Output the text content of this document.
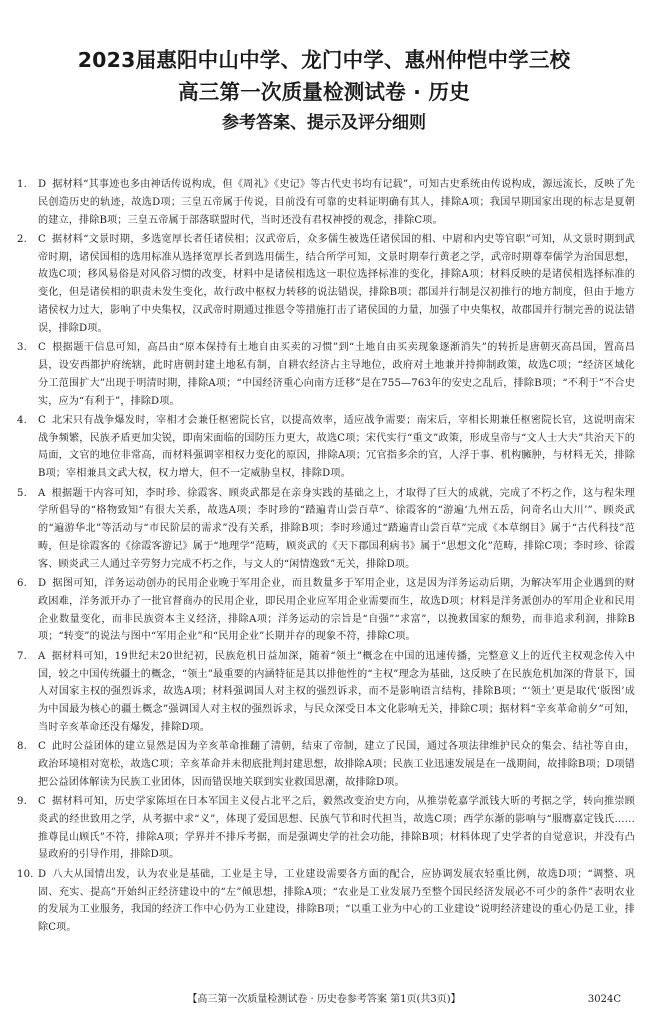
2023届惠阳中山中学、龙门中学、惠州仲恺中学三校

高三第一次质量检测试卷 · 历史

参考答案、提示及评分细则

1. D 据材料“其事迹也多由神话传说构成，但《周礼》《史记》等古代史书均有记载”，可知古史系统由传说构成，源远流长，反映了先民创造历史的轨迹，故选D项；三皇五帝属于传说，目前没有可靠的史料证明确有其人，排除A项；我国早期国家出现的标志是夏朝的建立，排除B项；三皇五帝属于部落联盟时代，当时还没有君权神授的观念，排除C项。

2. C 据材料“文景时期，多选宽厚长者任诸侯相；汉武帝后，众多儒生被选任诸侯国的相、中尉和内史等官职”可知，从文景时期到武帝时期，诸侯国相的选用标准从选择宽厚长者到选用儒生，结合所学可知，文景时期奉行黄老之学，武帝时期尊奉儒学为治国思想，故选C项；移风易俗是对风俗习惯的改变，材料中是诸侯相选这一职位选择标准的变化，排除A项；材料反映的是诸侯相选择标准的变化，但是诸侯相的职责未发生变化，故行政中枢权力转移的说法错误，排除B项；郡国并行制是汉初推行的地方制度，但由于地方诸侯权力过大，影响了中央集权，汉武帝时期通过推恩令等措施打击了诸侯国的力量，加强了中央集权，故郡国并行制完善的说法错误，排除D项。

3. C 根据题干信息可知，高昌由“原本保持有土地自由买卖的习惯”到“土地自由买卖现象逐渐消失”的转折是唐朝灭高昌国，置高昌县，设安西都护府统辖，此时唐朝封建土地私有制，自耕农经济占主导地位，政府对土地兼并持抑制政策，故选C项；“经济区域化分工范围扩大”出现于明清时期，排除A项；“中国经济重心向南方迁移”是在755—763年的安史之乱后，排除B项；“不利于”不合史实，应为“有利于”，排除D项。

4. C 北宋只有战争爆发时，宰相才会兼任枢密院长官，以提高效率，适应战争需要；南宋后，宰相长期兼任枢密院长官，这说明南宋战争频繁，民族矛盾更加尖锐，即南宋面临的国防压力更大，故选C项；宋代实行“重文”政策，形成皇帝与“文人士大夫”共治天下的局面，文官的地位非常高，而材料强调宰相权力变化的原因，排除A项；冗官指多余的官，人浮于事、机构臃肿，与材料无关，排除B项；宰相兼具文武大权，权力增大，但不一定威胁皇权，排除D项。

5. A 根据题干内容可知，李时珍、徐霞客、顾炎武都是在亲身实践的基础之上，才取得了巨大的成就，完成了不朽之作，这与程朱理学所倡导的“格物致知”有很大关系，故选A项；李时珍的“踏遍青山尝百草”、徐霞客的“游遍‘九州五岳，问奇名山大川’”、顾炎武的“遍游华北”等活动与“市民阶层的需求”没有关系，排除B项；李时珍通过“踏遍青山尝百草”完成《本草纲目》属于“古代科技”范畴，但是徐霞客的《徐霞客游记》属于“地理学”范畴，顾炎武的《天下郡国利病书》属于“思想文化”范畴，排除C项；李时珍、徐霞客、顾炎武三人通过辛劳努力完成不朽之作，与文人的“闲情逸致”无关，排除D项。

6. D 据图可知，洋务运动创办的民用企业晚于军用企业，而且数量多于军用企业，这是因为洋务运动后期，为解决军用企业遇到的财政困难，洋务派开办了一批官督商办的民用企业，即民用企业应军用企业需要而生，故选D项；材料是洋务派创办的军用企业和民用企业数量变化，而非民族资本主义经济，排除A项；洋务运动的宗旨是“自强”“求富”，以挽救国家的颓势，而非追求利润，排除B项；“转变”的说法与图中“军用企业”和“民用企业”长期并存的现象不符，排除C项。

7. A 据材料可知，19世纪末20世纪初，民族危机日益加深，随着“领土”概念在中国的迅速传播，完整意义上的近代主权观念传入中国，较之中国传统疆土的概念，“领土”最重要的内涵特征是其以排他性的“主权”理念为基础，这反映了在民族危机加深的背景下，国人对国家主权的强烈诉求，故选A项；材料强调国人对主权的强烈诉求，而不是影响语言结构，排除B项；“‘领土’更是取代‘版图’成为中国最为核心的疆土概念”强调国人对主权的强烈诉求，与民众深受日本文化影响无关，排除C项；据材料“辛亥革命前夕”可知，当时辛亥革命还没有爆发，排除D项。

8. C 此时公益团体的建立显然是因为辛亥革命推翻了清朝，结束了帝制，建立了民国，通过各项法律维护民众的集会、结社等自由，政治环境相对宽松，故选C项；辛亥革命并未彻底批判封建思想，故排除A项；民族工业迅速发展是在一战期间，故排除B项；D项错把公益团体解读为民族工业团体，因而错误地关联到实业救国思潮，故排除D项。

9. C 据材料可知，历史学家陈垣在日本军国主义侵占北平之后，毅然改变治史方向，从推崇乾嘉学派钱大昕的考据之学，转向推崇顾炎武的经世致用之学，从考据中求“义”，体现了爱国思想、民族气节和时代担当，故选C项；西学东渐的影响与“服膺嘉定钱氏……推尊昆山顾氏”不符，排除A项；学界并不排斥考据，而是强调史学的社会功能，排除B项；材料体现了史学者的自觉意识，并没有凸显政府的引导作用，排除D项。

10. D 八大从国情出发，认为农业是基础，工业是主导，工业建设需要各方面的配合，应协调发展农轻重比例，故选D项；“调整、巩固、充实、提高”开始纠正经济建设中的“左”倾思想，排除A项；“农业是工业发展乃至整个国民经济发展必不可少的条件”表明农业的发展为工业服务，我国的经济工作中心仍为工业建设，排除B项；“以重工业为中心的工业建设”说明经济建设的重心仍是工业，排除C项。

【高三第一次质量检测试卷 · 历史卷参考答案 第1页(共3页)】	3024C
